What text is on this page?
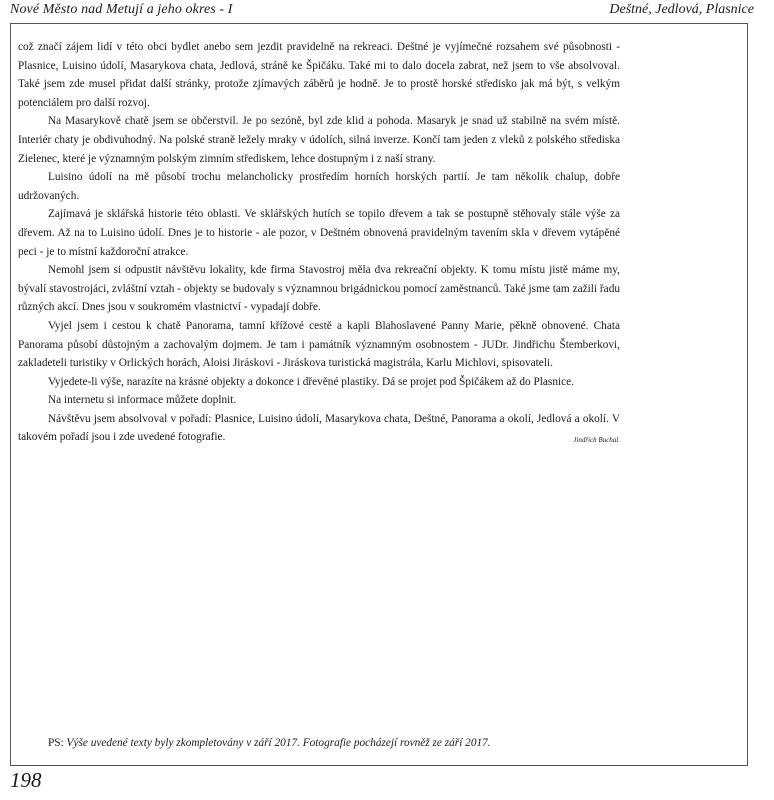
Nové Město nad Metují a jeho okres - I	Deštné, Jedlová, Plasnice

což značí zájem lidí v této obci bydlet anebo sem jezdit pravidelně na rekreaci. Deštné je vyjímečné rozsahem své působnosti - Plasnice, Luisino údolí, Masarykova chata, Jedlová, stráně ke Špičáku. Také mi to dalo docela zabrat, než jsem to vše absolvoval. Také jsem zde musel přidat další stránky, protože zjímavých záběrů je hodně. Je to prostě horské středisko jak má být, s velkým potenciálem pro další rozvoj.

Na Masarykově chatě jsem se občerstvil. Je po sezóně, byl zde klid a pohoda. Masaryk je snad už stabilně na svém místě. Interiér chaty je obdivuhodný. Na polské straně ležely mraky v údolích, silná inverze. Končí tam jeden z vleků z polského střediska Zielenec, které je významným polským zimním střediskem, lehce dostupným i z naší strany.

Luisino údolí na mě působí trochu melancholicky prostředím horních horských partií. Je tam několik chalup, dobře udržovaných.

Zajímavá je sklářská historie této oblasti. Ve sklářských hutích se topilo dřevem a tak se postupně stěhovaly stále výše za dřevem. Až na to Luisino údolí. Dnes je to historie - ale pozor, v Deštném obnovená pravidelným tavením skla v dřevem vytápěné peci - je to místní každoroční atrakce.

Nemohl jsem si odpustit návštěvu lokality, kde firma Stavostroj měla dva rekreační objekty. K tomu místu jistě máme my, bývalí stavostrojáci, zvláštní vztah - objekty se budovaly s významnou brigádnickou pomocí zaměstnanců. Také jsme tam zažili řadu různých akcí. Dnes jsou v soukromém vlastnictví - vypadají dobře.

Vyjel jsem i cestou k chatě Panorama, tamní křížové cestě a kapli Blahoslavené Panny Marie, pěkně obnovené. Chata Panorama působí důstojným a zachovalým dojmem. Je tam i památník významným osobnostem - JUDr. Jindřichu Štemberkovi, zakladeteli turistiky v Orlických horách, Aloisi Jiráskovi - Jiráskova turistická magistrála, Karlu Michlovi, spisovateli.

Vyjedete-li výše, narazíte na krásné objekty a dokonce i dřevěné plastiky. Dá se projet pod Špičákem až do Plasnice.

Na internetu si informace můžete doplnit.

Návštěvu jsem absolvoval v pořadí: Plasnice, Luisino údolí, Masarykova chata, Deštné, Panorama a okolí, Jedlová a okolí. V takovém pořadí jsou i zde uvedené fotografie.	Jindřich Buchal.
PS: Výše uvedené texty byly zkompletovány v září 2017. Fotografie pocházejí rovněž ze září 2017.
198
